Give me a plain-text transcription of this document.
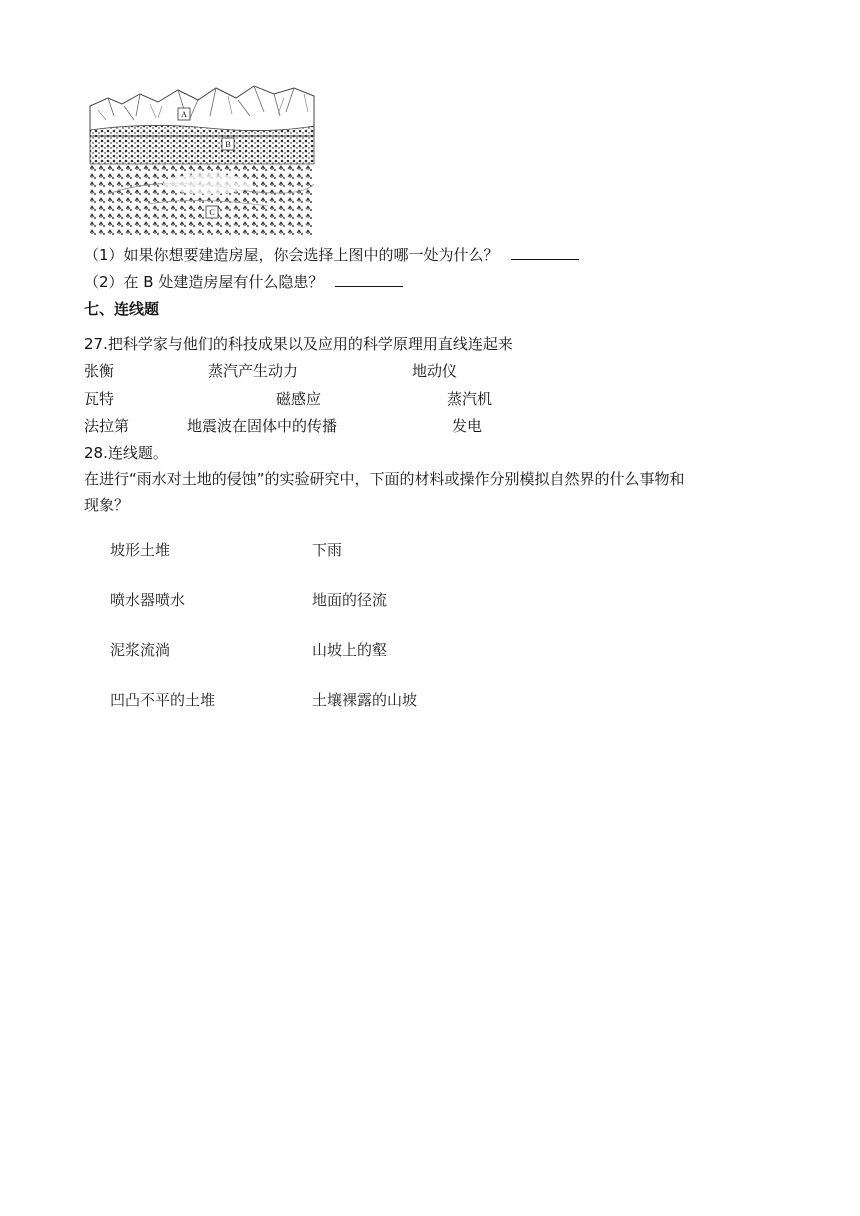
A
B
C
（1）如果你想要建造房屋，你会选择上图中的哪一处为什么？
（2）在 B 处建造房屋有什么隐患？
七、连线题
27.把科学家与他们的科技成果以及应用的科学原理用直线连起来
张衡	蒸汽产生动力	地动仪
瓦特	磁感应	蒸汽机
法拉第	地震波在固体中的传播	发电
28.连线题。
在进行“雨水对土地的侵蚀”的实验研究中，下面的材料或操作分别模拟自然界的什么事物和
现象？
坡形土堆	下雨
喷水器喷水	地面的径流
泥浆流淌	山坡上的壑
凹凸不平的土堆	土壤裸露的山坡
